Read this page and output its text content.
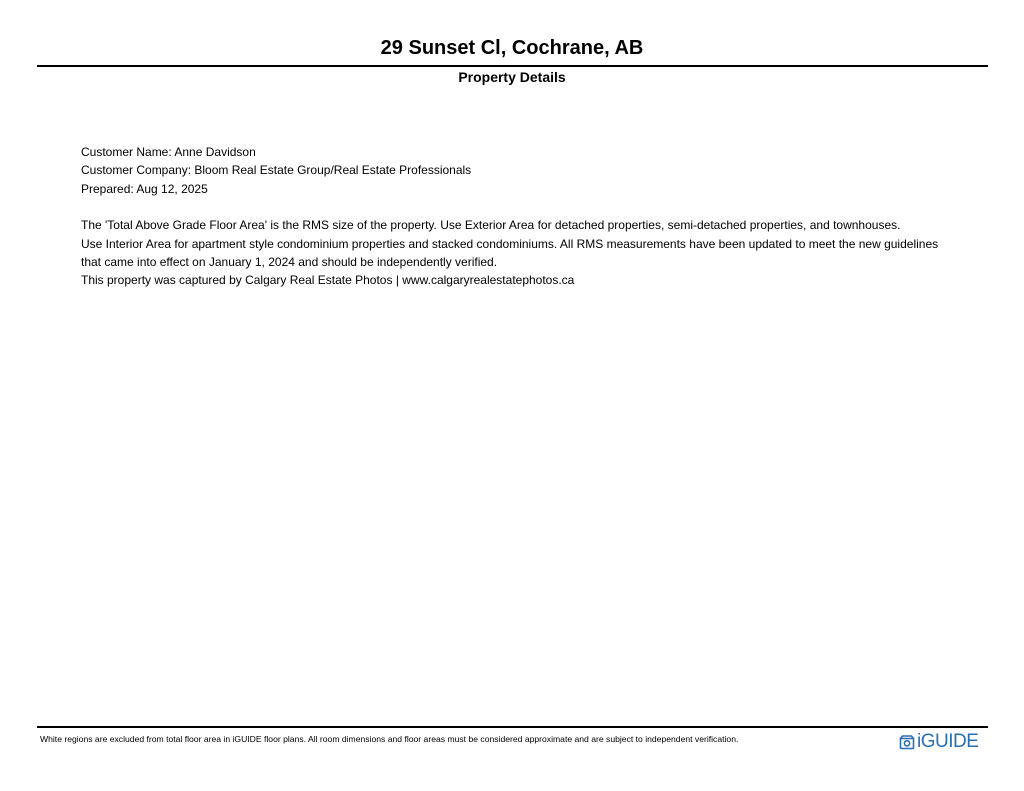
29 Sunset Cl, Cochrane, AB
Property Details
Customer Name: Anne Davidson
Customer Company: Bloom Real Estate Group/Real Estate Professionals
Prepared: Aug 12, 2025
The 'Total Above Grade Floor Area' is the RMS size of the property. Use Exterior Area for detached properties, semi-detached properties, and townhouses.
Use Interior Area for apartment style condominium properties and stacked condominiums. All RMS measurements have been updated to meet the new guidelines
that came into effect on January 1, 2024 and should be independently verified.
This property was captured by Calgary Real Estate Photos | www.calgaryrealestatephotos.ca
White regions are excluded from total floor area in iGUIDE floor plans. All room dimensions and floor areas must be considered approximate and are subject to independent verification.	iGUIDE
